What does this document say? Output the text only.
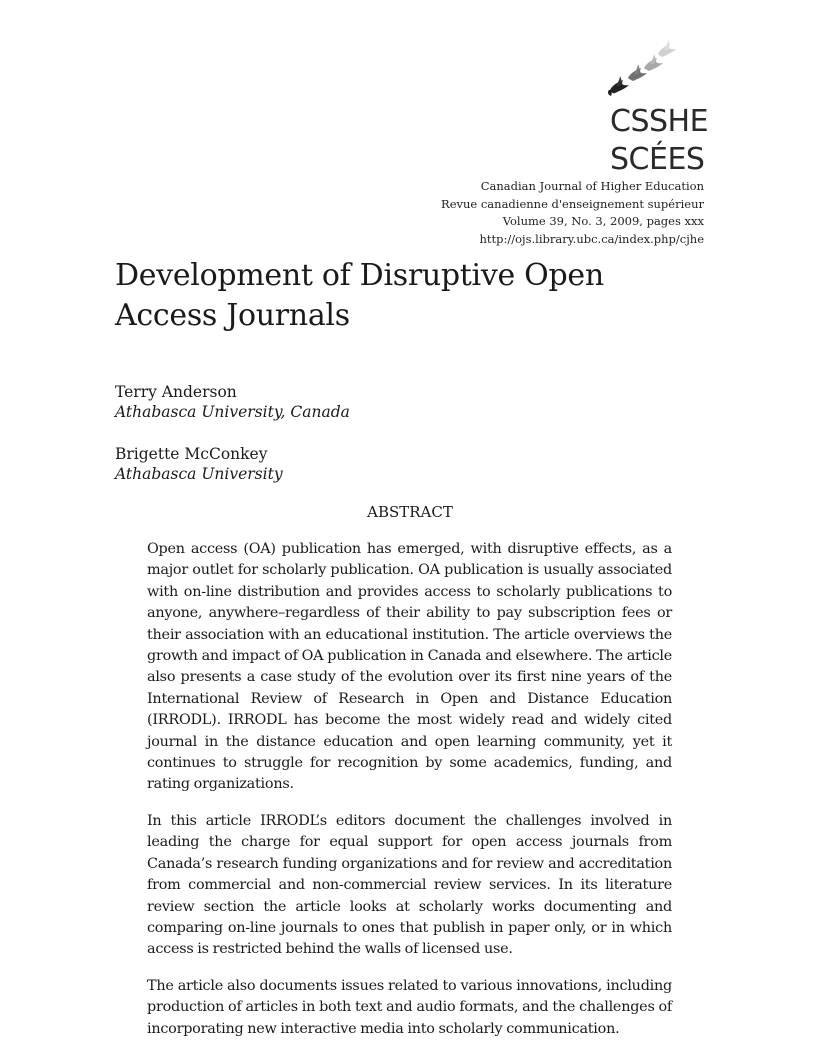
CSSHE
SCÉES
Canadian Journal of Higher Education
Revue canadienne d'enseignement supérieur
Volume 39, No. 3, 2009, pages xxx
http://ojs.library.ubc.ca/index.php/cjhe
Development of Disruptive Open Access Journals
Terry Anderson
Athabasca University, Canada
Brigette McConkey
Athabasca University
ABSTRACT

Open access (OA) publication has emerged, with disruptive effects, as a major outlet for scholarly publication. OA publication is usually associated with on-line distribution and provides access to scholarly publications to anyone, anywhere–regardless of their ability to pay subscription fees or their association with an educational institution. The article overviews the growth and impact of OA publication in Canada and elsewhere. The article also presents a case study of the evolution over its first nine years of the International Review of Research in Open and Distance Education (IRRODL). IRRODL has become the most widely read and widely cited journal in the distance education and open learning community, yet it continues to struggle for recognition by some academics, funding, and rating organizations.

In this article IRRODL’s editors document the challenges involved in leading the charge for equal support for open access journals from Canada’s research funding organizations and for review and accreditation from commercial and non-commercial review services. In its literature review section the article looks at scholarly works documenting and comparing on-line journals to ones that publish in paper only, or in which access is restricted behind the walls of licensed use.

The article also documents issues related to various innovations, including production of articles in both text and audio formats, and the challenges of incorporating new interactive media into scholarly communication.
